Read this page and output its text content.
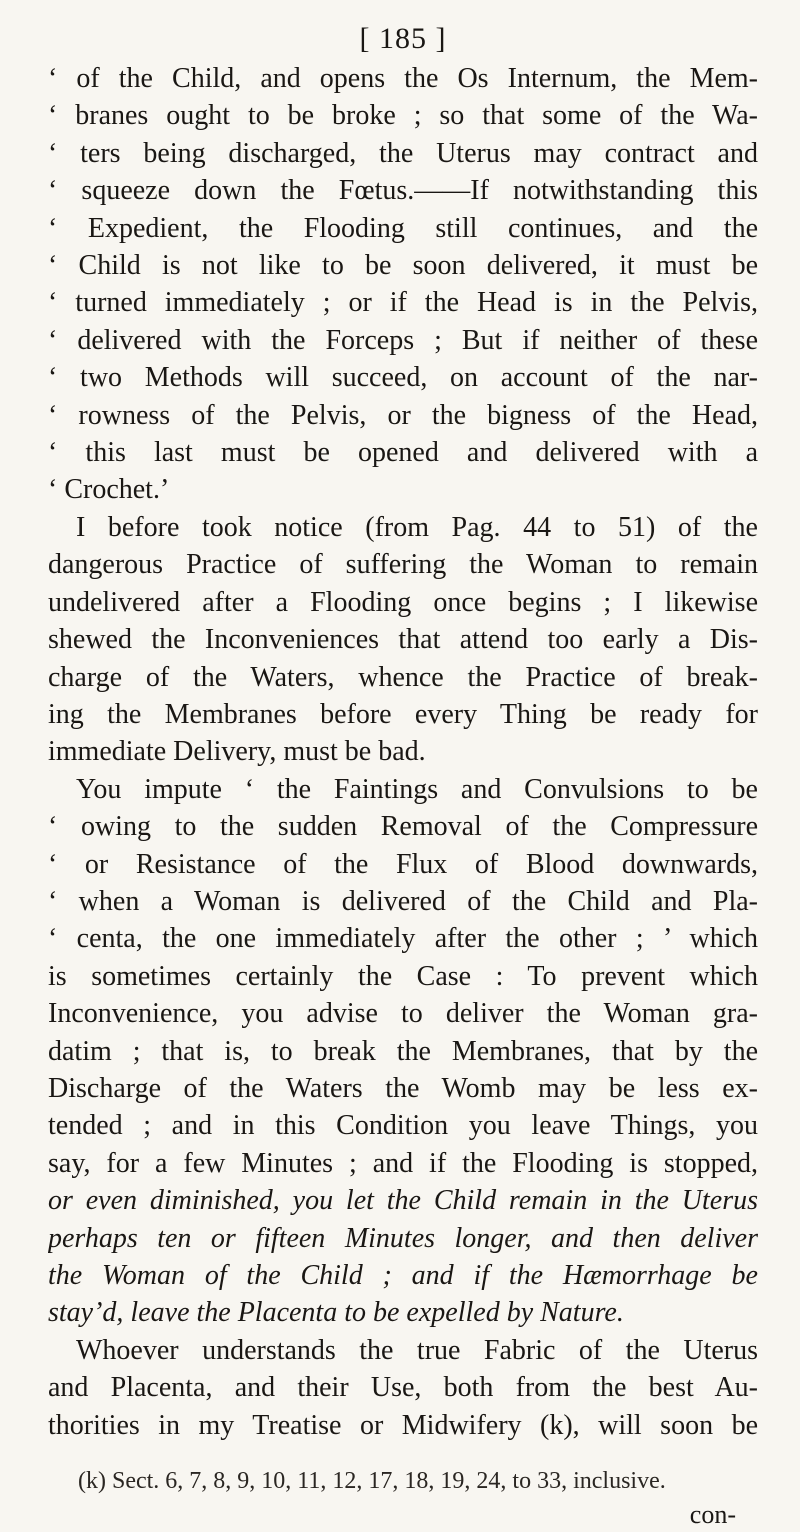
[ 185 ]
‘ of the Child, and opens the Os Internum, the Mem-
‘ branes ought to be broke ; so that some of the Wa-
‘ ters being discharged, the Uterus may contract and
‘ squeeze down the Fœtus.——If notwithstanding this
‘ Expedient, the Flooding still continues, and the
‘ Child is not like to be soon delivered, it must be
‘ turned immediately ; or if the Head is in the Pelvis,
‘ delivered with the Forceps ; But if neither of these
‘ two Methods will succeed, on account of the nar-
‘ rowness of the Pelvis, or the bigness of the Head,
‘ this last must be opened and delivered with a
‘ Crochet.’
I before took notice (from Pag. 44 to 51) of the
dangerous Practice of suffering the Woman to remain
undelivered after a Flooding once begins ; I likewise
shewed the Inconveniences that attend too early a Dis-
charge of the Waters, whence the Practice of break-
ing the Membranes before every Thing be ready for
immediate Delivery, must be bad.
You impute ‘ the Faintings and Convulsions to be
‘ owing to the sudden Removal of the Compressure
‘ or Resistance of the Flux of Blood downwards,
‘ when a Woman is delivered of the Child and Pla-
‘ centa, the one immediately after the other ; ’ which
is sometimes certainly the Case : To prevent which
Inconvenience, you advise to deliver the Woman gra-
datim ; that is, to break the Membranes, that by the
Discharge of the Waters the Womb may be less ex-
tended ; and in this Condition you leave Things, you
say, for a few Minutes ; and if the Flooding is stopped,
or even diminished, you let the Child remain in the Uterus
perhaps ten or fifteen Minutes longer, and then deliver
the Woman of the Child ; and if the Hæmorrhage be
stay’d, leave the Placenta to be expelled by Nature.
Whoever understands the true Fabric of the Uterus
and Placenta, and their Use, both from the best Au-
thorities in my Treatise or Midwifery (k), will soon be
(k) Sect. 6, 7, 8, 9, 10, 11, 12, 17, 18, 19, 24, to 33, inclusive.
con-
